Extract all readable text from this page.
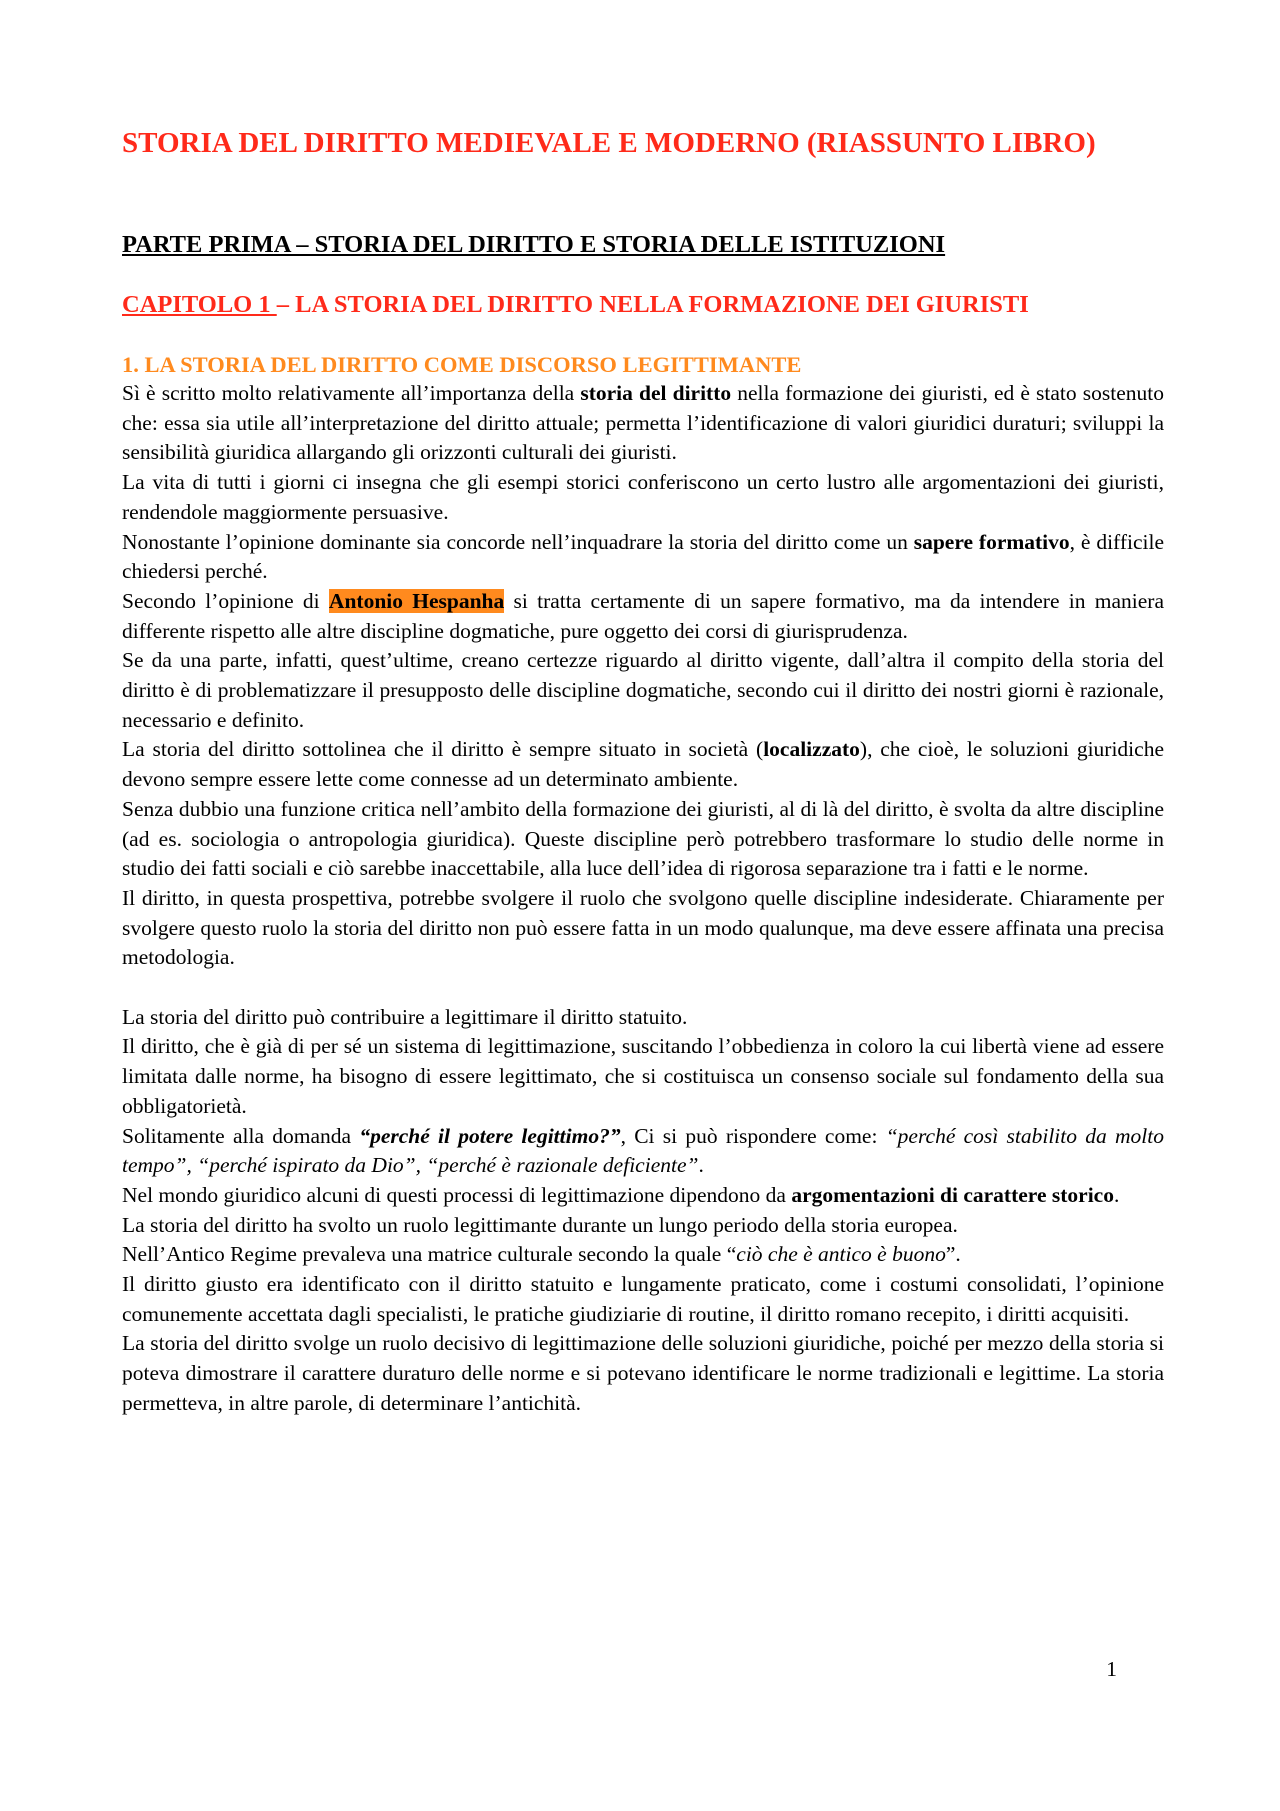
STORIA DEL DIRITTO MEDIEVALE E MODERNO (RIASSUNTO LIBRO)
PARTE PRIMA – STORIA DEL DIRITTO E STORIA DELLE ISTITUZIONI
CAPITOLO 1 – LA STORIA DEL DIRITTO NELLA FORMAZIONE DEI GIURISTI
1. LA STORIA DEL DIRITTO COME DISCORSO LEGITTIMANTE

Sì è scritto molto relativamente all’importanza della storia del diritto nella formazione dei giuristi, ed è stato sostenuto che: essa sia utile all’interpretazione del diritto attuale; permetta l’identificazione di valori giuridici duraturi; sviluppi la sensibilità giuridica allargando gli orizzonti culturali dei giuristi.

La vita di tutti i giorni ci insegna che gli esempi storici conferiscono un certo lustro alle argomentazioni dei giuristi, rendendole maggiormente persuasive.

Nonostante l’opinione dominante sia concorde nell’inquadrare la storia del diritto come un sapere formativo, è difficile chiedersi perché.

Secondo l’opinione di Antonio Hespanha si tratta certamente di un sapere formativo, ma da intendere in maniera differente rispetto alle altre discipline dogmatiche, pure oggetto dei corsi di giurisprudenza.

Se da una parte, infatti, quest’ultime, creano certezze riguardo al diritto vigente, dall’altra il compito della storia del diritto è di problematizzare il presupposto delle discipline dogmatiche, secondo cui il diritto dei nostri giorni è razionale, necessario e definito.

La storia del diritto sottolinea che il diritto è sempre situato in società (localizzato), che cioè, le soluzioni giuridiche devono sempre essere lette come connesse ad un determinato ambiente.

Senza dubbio una funzione critica nell’ambito della formazione dei giuristi, al di là del diritto, è svolta da altre discipline (ad es. sociologia o antropologia giuridica). Queste discipline però potrebbero trasformare lo studio delle norme in studio dei fatti sociali e ciò sarebbe inaccettabile, alla luce dell’idea di rigorosa separazione tra i fatti e le norme.

Il diritto, in questa prospettiva, potrebbe svolgere il ruolo che svolgono quelle discipline indesiderate. Chiaramente per svolgere questo ruolo la storia del diritto non può essere fatta in un modo qualunque, ma deve essere affinata una precisa metodologia.

La storia del diritto può contribuire a legittimare il diritto statuito.

Il diritto, che è già di per sé un sistema di legittimazione, suscitando l’obbedienza in coloro la cui libertà viene ad essere limitata dalle norme, ha bisogno di essere legittimato, che si costituisca un consenso sociale sul fondamento della sua obbligatorietà.

Solitamente alla domanda “perché il potere legittimo?”, Ci si può rispondere come: “perché così stabilito da molto tempo”, “perché ispirato da Dio”, “perché è razionale deficiente”.

Nel mondo giuridico alcuni di questi processi di legittimazione dipendono da argomentazioni di carattere storico.

La storia del diritto ha svolto un ruolo legittimante durante un lungo periodo della storia europea.

Nell’Antico Regime prevaleva una matrice culturale secondo la quale “ciò che è antico è buono”.

Il diritto giusto era identificato con il diritto statuito e lungamente praticato, come i costumi consolidati, l’opinione comunemente accettata dagli specialisti, le pratiche giudiziarie di routine, il diritto romano recepito, i diritti acquisiti.

La storia del diritto svolge un ruolo decisivo di legittimazione delle soluzioni giuridiche, poiché per mezzo della storia si poteva dimostrare il carattere duraturo delle norme e si potevano identificare le norme tradizionali e legittime. La storia permetteva, in altre parole, di determinare l’antichità.

1
